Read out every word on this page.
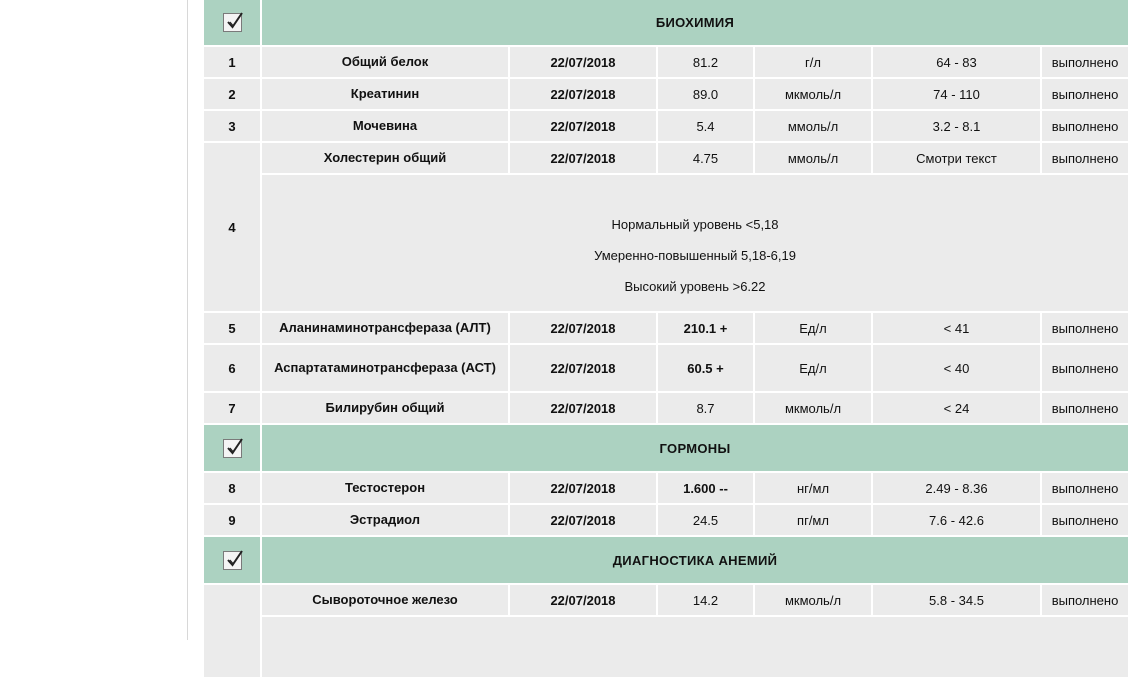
	БИОХИМИЯ					
1	Общий белок	22/07/2018	81.2	г/л	64 - 83	выполнено
2	Креатинин	22/07/2018	89.0	мкмоль/л	74 - 110	выполнено
3	Мочевина	22/07/2018	5.4	ммоль/л	3.2 - 8.1	выполнено
4	Холестерин общий	22/07/2018	4.75	ммоль/л	Смотри текст	выполнено

	Нормальный уровень <5,18
Умеренно-повышенный 5,18-6,19
Высокий уровень >6.22					

5	Аланинаминотрансфераза (АЛТ)	22/07/2018	210.1 +	Ед/л	< 41	выполнено
6	Аспартатаминотрансфераза (АСТ)	22/07/2018	60.5 +	Ед/л	< 40	выполнено
7	Билирубин общий	22/07/2018	8.7	мкмоль/л	< 24	выполнено

	ГОРМОНЫ					
8	Тестостерон	22/07/2018	1.600 --	нг/мл	2.49 - 8.36	выполнено
9	Эстрадиол	22/07/2018	24.5	пг/мл	7.6 - 42.6	выполнено

	ДИАГНОСТИКА АНЕМИЙ					
	Сывороточное железо	22/07/2018	14.2	мкмоль/л	5.8 - 34.5	выполнено
